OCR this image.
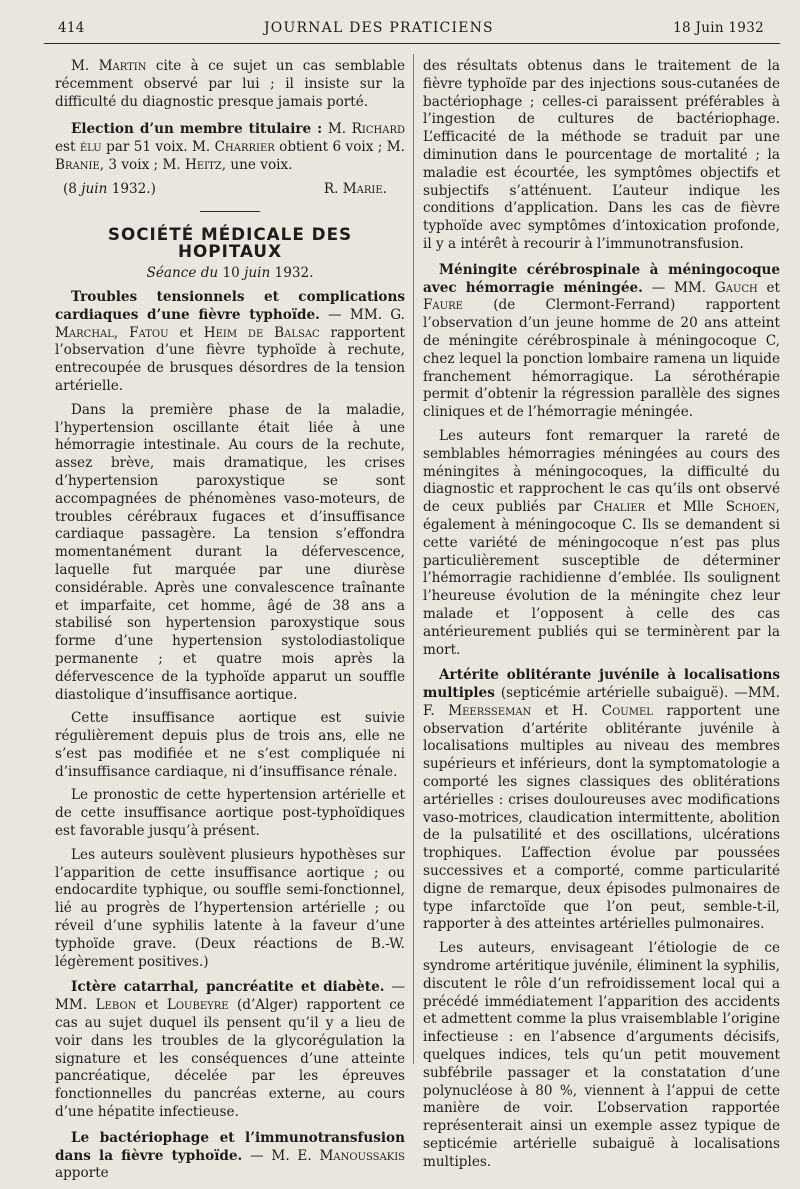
414	JOURNAL DES PRATICIENS	18 Juin 1932

M. Martin cite à ce sujet un cas semblable récemment observé par lui ; il insiste sur la difficulté du diagnostic presque jamais porté.

Election d’un membre titulaire : M. Richard est élu par 51 voix. M. Charrier obtient 6 voix ; M. Branie, 3 voix ; M. Heitz, une voix.

(8 juin 1932.)	R. Marie.
SOCIÉTÉ MÉDICALE DES HOPITAUX
Séance du 10 juin 1932.

Troubles tensionnels et complications cardiaques d’une fièvre typhoïde. — MM. G. Marchal, Fatou et Heim de Balsac rapportent l’observation d’une fièvre typhoïde à rechute, entrecoupée de brusques désordres de la tension artérielle.

Dans la première phase de la maladie, l’hypertension oscillante était liée à une hémorragie intestinale. Au cours de la rechute, assez brève, mais dramatique, les crises d’hypertension paroxystique se sont accompagnées de phénomènes vaso-moteurs, de troubles cérébraux fugaces et d’insuffisance cardiaque passagère. La tension s’effondra momentanément durant la défervescence, laquelle fut marquée par une diurèse considérable. Après une convalescence traînante et imparfaite, cet homme, âgé de 38 ans a stabilisé son hypertension paroxystique sous forme d’une hypertension systolodiastolique permanente ; et quatre mois après la défervescence de la typhoïde apparut un souffle diastolique d’insuffisance aortique.

Cette insuffisance aortique est suivie régulièrement depuis plus de trois ans, elle ne s’est pas modifiée et ne s’est compliquée ni d’insuffisance cardiaque, ni d’insuffisance rénale.

Le pronostic de cette hypertension artérielle et de cette insuffisance aortique post-typhoïdiques est favorable jusqu’à présent.

Les auteurs soulèvent plusieurs hypothèses sur l’apparition de cette insuffisance aortique ; ou endocardite typhique, ou souffle semi-fonctionnel, lié au progrès de l’hypertension artérielle ; ou réveil d’une syphilis latente à la faveur d’une typhoïde grave. (Deux réactions de B.-W. légèrement positives.)

Ictère catarrhal, pancréatite et diabète. — MM. Lebon et Loubeyre (d’Alger) rapportent ce cas au sujet duquel ils pensent qu’il y a lieu de voir dans les troubles de la glycorégulation la signature et les conséquences d’une atteinte pancréatique, décelée par les épreuves fonctionnelles du pancréas externe, au cours d’une hépatite infectieuse.

Le bactériophage et l’immunotransfusion dans la fièvre typhoïde. — M. E. Manoussakis apporte

des résultats obtenus dans le traitement de la fièvre typhoïde par des injections sous-cutanées de bactériophage ; celles-ci paraissent préférables à l’ingestion de cultures de bactériophage. L’efficacité de la méthode se traduit par une diminution dans le pourcentage de mortalité ; la maladie est écourtée, les symptômes objectifs et subjectifs s’atténuent. L’auteur indique les conditions d’application. Dans les cas de fièvre typhoïde avec symptômes d’intoxication profonde, il y a intérêt à recourir à l’immunotransfusion.

Méningite cérébrospinale à méningocoque avec hémorragie méningée. — MM. Gauch et Faure (de Clermont-Ferrand) rapportent l’observation d’un jeune homme de 20 ans atteint de méningite cérébrospinale à méningocoque C, chez lequel la ponction lombaire ramena un liquide franchement hémorragique. La sérothérapie permit d’obtenir la régression parallèle des signes cliniques et de l’hémorragie méningée.

Les auteurs font remarquer la rareté de semblables hémorragies méningées au cours des méningites à méningocoques, la difficulté du diagnostic et rapprochent le cas qu’ils ont observé de ceux publiés par Chalier et Mlle Schoen, également à méningocoque C. Ils se demandent si cette variété de méningocoque n’est pas plus particulièrement susceptible de déterminer l’hémorragie rachidienne d’emblée. Ils soulignent l’heureuse évolution de la méningite chez leur malade et l’opposent à celle des cas antérieurement publiés qui se terminèrent par la mort.

Artérite oblitérante juvénile à localisations multiples (septicémie artérielle subaiguë). —MM. F. Meersseman et H. Coumel rapportent une observation d’artérite oblitérante juvénile à localisations multiples au niveau des membres supérieurs et inférieurs, dont la symptomatologie a comporté les signes classiques des oblitérations artérielles : crises douloureuses avec modifications vaso-motrices, claudication intermittente, abolition de la pulsatilité et des oscillations, ulcérations trophiques. L’affection évolue par poussées successives et a comporté, comme particularité digne de remarque, deux épisodes pulmonaires de type infarctoïde que l’on peut, semble-t-il, rapporter à des atteintes artérielles pulmonaires.

Les auteurs, envisageant l’étiologie de ce syndrome artéritique juvénile, éliminent la syphilis, discutent le rôle d’un refroidissement local qui a précédé immédiatement l’apparition des accidents et admettent comme la plus vraisemblable l’origine infectieuse : en l’absence d’arguments décisifs, quelques indices, tels qu’un petit mouvement subfébrile passager et la constatation d’une polynucléose à 80 %, viennent à l’appui de cette manière de voir. L’observation rapportée représenterait ainsi un exemple assez typique de septicémie artérielle subaiguë à localisations multiples.
